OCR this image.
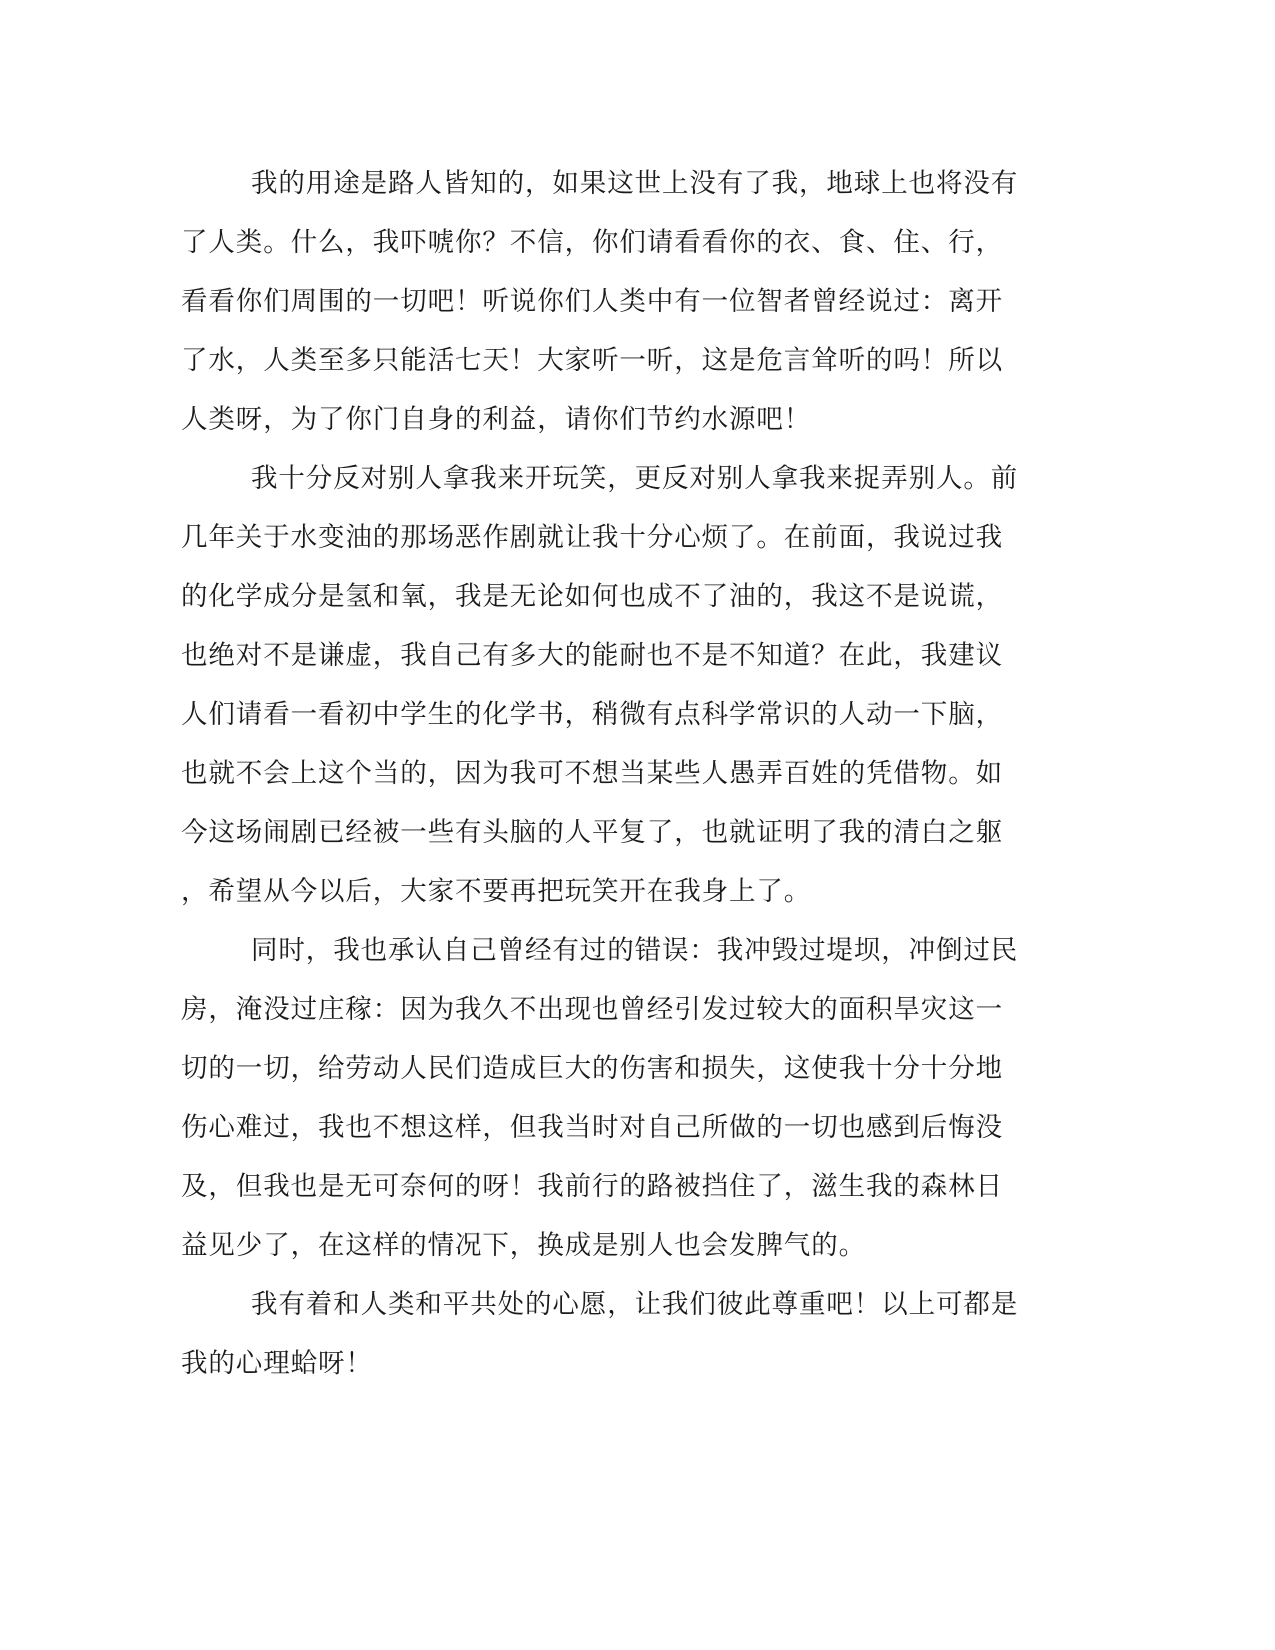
我的用途是路人皆知的，如果这世上没有了我，地球上也将没有
了人类。什么，我吓唬你？不信，你们请看看你的衣、食、住、行，
看看你们周围的一切吧！听说你们人类中有一位智者曾经说过：离开
了水，人类至多只能活七天！大家听一听，这是危言耸听的吗！所以
人类呀，为了你门自身的利益，请你们节约水源吧！
我十分反对别人拿我来开玩笑，更反对别人拿我来捉弄别人。前
几年关于水变油的那场恶作剧就让我十分心烦了。在前面，我说过我
的化学成分是氢和氧，我是无论如何也成不了油的，我这不是说谎，
也绝对不是谦虚，我自己有多大的能耐也不是不知道？在此，我建议
人们请看一看初中学生的化学书，稍微有点科学常识的人动一下脑，
也就不会上这个当的，因为我可不想当某些人愚弄百姓的凭借物。如
今这场闹剧已经被一些有头脑的人平复了，也就证明了我的清白之躯
，希望从今以后，大家不要再把玩笑开在我身上了。
同时，我也承认自己曾经有过的错误：我冲毁过堤坝，冲倒过民
房，淹没过庄稼：因为我久不出现也曾经引发过较大的面积旱灾这一
切的一切，给劳动人民们造成巨大的伤害和损失，这使我十分十分地
伤心难过，我也不想这样，但我当时对自己所做的一切也感到后悔没
及，但我也是无可奈何的呀！我前行的路被挡住了，滋生我的森林日
益见少了，在这样的情况下，换成是别人也会发脾气的。
我有着和人类和平共处的心愿，让我们彼此尊重吧！以上可都是
我的心理蛤呀！
